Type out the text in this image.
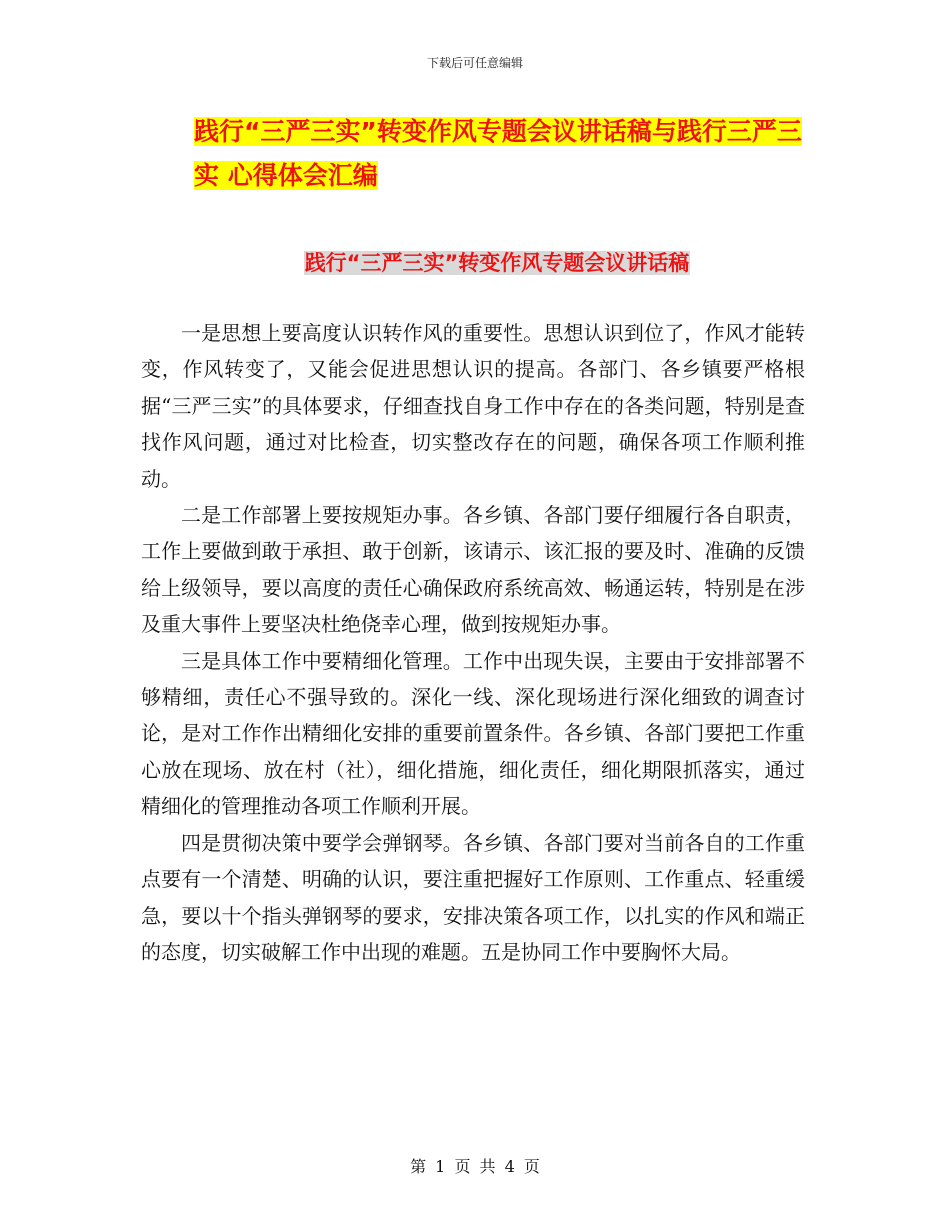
下载后可任意编辑
践行“三严三实”转变作风专题会议讲话稿与践行三严三实 心得体会汇编
践行“三严三实”转变作风专题会议讲话稿

一是思想上要高度认识转作风的重要性。思想认识到位了，作风才能转变，作风转变了，又能会促进思想认识的提高。各部门、各乡镇要严格根据“三严三实”的具体要求，仔细查找自身工作中存在的各类问题，特别是查找作风问题，通过对比检查，切实整改存在的问题，确保各项工作顺利推动。

二是工作部署上要按规矩办事。各乡镇、各部门要仔细履行各自职责，工作上要做到敢于承担、敢于创新，该请示、该汇报的要及时、准确的反馈给上级领导，要以高度的责任心确保政府系统高效、畅通运转，特别是在涉及重大事件上要坚决杜绝侥幸心理，做到按规矩办事。

三是具体工作中要精细化管理。工作中出现失误，主要由于安排部署不够精细，责任心不强导致的。深化一线、深化现场进行深化细致的调查讨论，是对工作作出精细化安排的重要前置条件。各乡镇、各部门要把工作重心放在现场、放在村（社），细化措施，细化责任，细化期限抓落实，通过精细化的管理推动各项工作顺利开展。

四是贯彻决策中要学会弹钢琴。各乡镇、各部门要对当前各自的工作重点要有一个清楚、明确的认识，要注重把握好工作原则、工作重点、轻重缓急，要以十个指头弹钢琴的要求，安排决策各项工作，以扎实的作风和端正的态度，切实破解工作中出现的难题。五是协同工作中要胸怀大局。

第 1 页 共 4 页
